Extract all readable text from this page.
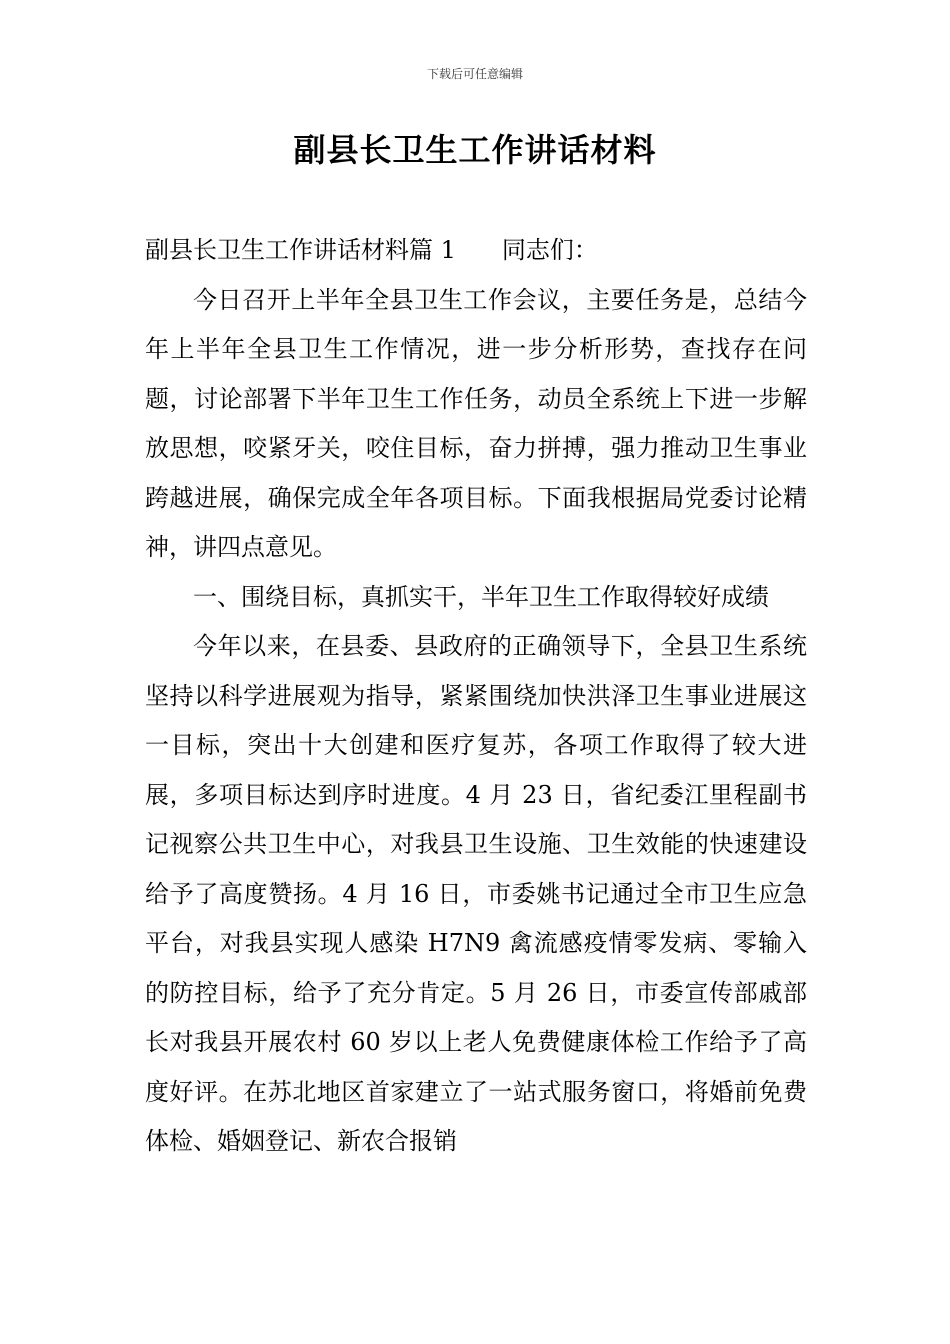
下载后可任意编辑
副县长卫生工作讲话材料

副县长卫生工作讲话材料篇 1 同志们：

今日召开上半年全县卫生工作会议，主要任务是，总结今年上半年全县卫生工作情况，进一步分析形势，查找存在问题，讨论部署下半年卫生工作任务，动员全系统上下进一步解放思想，咬紧牙关，咬住目标，奋力拼搏，强力推动卫生事业跨越进展，确保完成全年各项目标。下面我根据局党委讨论精神，讲四点意见。

一、围绕目标，真抓实干，半年卫生工作取得较好成绩

今年以来，在县委、县政府的正确领导下，全县卫生系统坚持以科学进展观为指导，紧紧围绕加快洪泽卫生事业进展这一目标，突出十大创建和医疗复苏，各项工作取得了较大进展，多项目标达到序时进度。4 月 23 日，省纪委江里程副书记视察公共卫生中心，对我县卫生设施、卫生效能的快速建设给予了高度赞扬。4 月 16 日，市委姚书记通过全市卫生应急平台，对我县实现人感染 H7N9 禽流感疫情零发病、零输入的防控目标，给予了充分肯定。5 月 26 日，市委宣传部戚部长对我县开展农村 60 岁以上老人免费健康体检工作给予了高度好评。在苏北地区首家建立了一站式服务窗口，将婚前免费体检、婚姻登记、新农合报销
